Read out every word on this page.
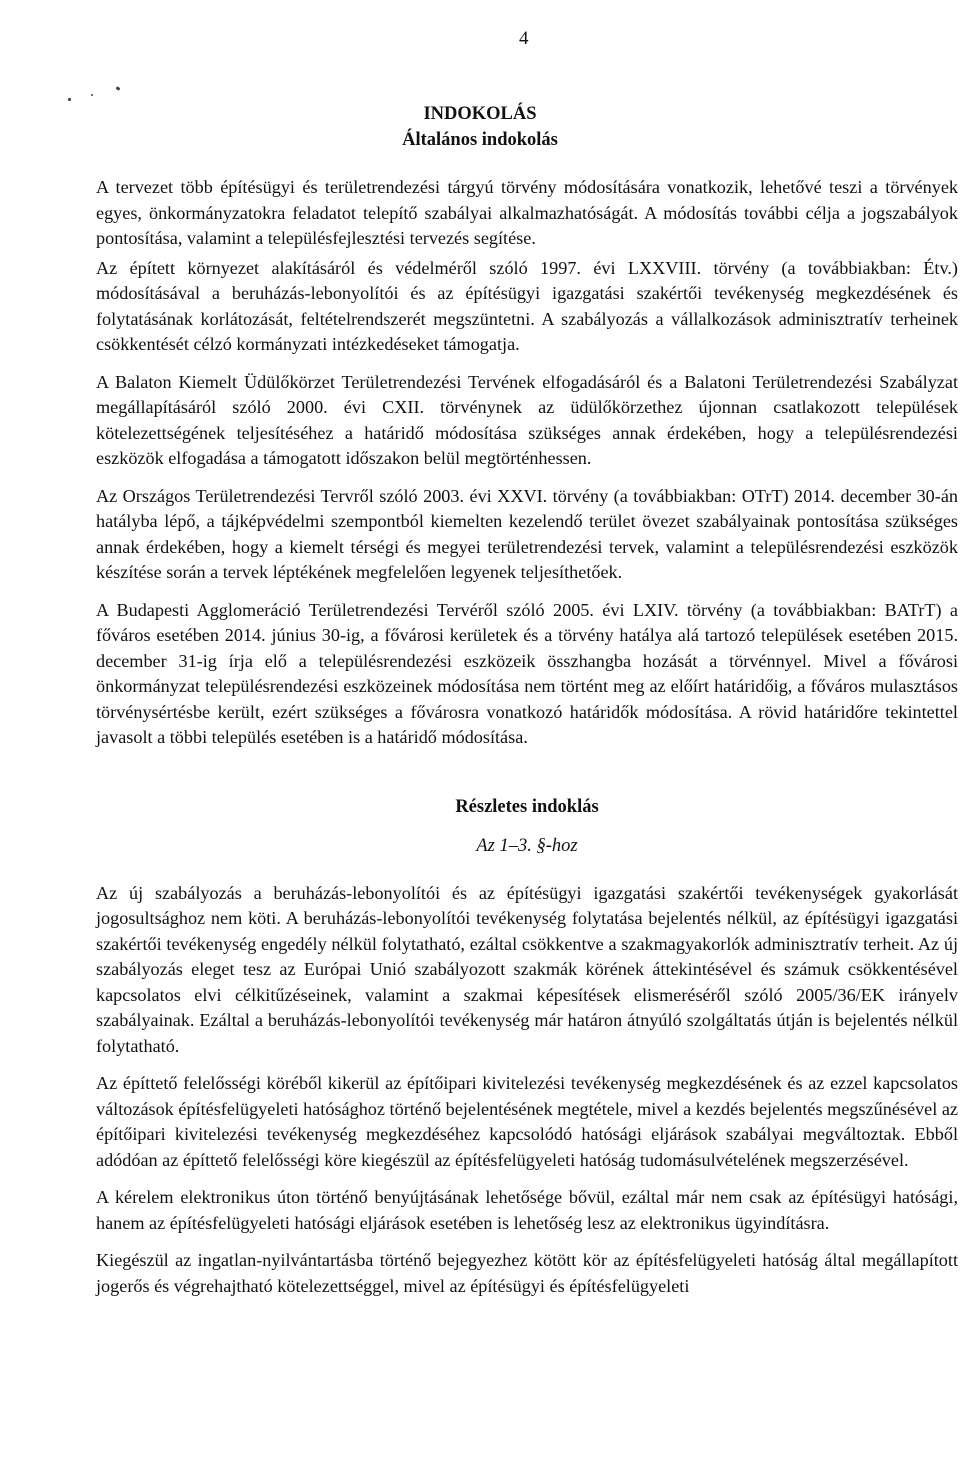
4
INDOKOLÁS
Általános indokolás

A tervezet több építésügyi és területrendezési tárgyú törvény módosítására vonatkozik, lehetővé teszi a törvények egyes, önkormányzatokra feladatot telepítő szabályai alkalmazhatóságát. A módosítás további célja a jogszabályok pontosítása, valamint a településfejlesztési tervezés segítése.

Az épített környezet alakításáról és védelméről szóló 1997. évi LXXVIII. törvény (a továbbiakban: Étv.) módosításával a beruházás-lebonyolítói és az építésügyi igazgatási szakértői tevékenység megkezdésének és folytatásának korlátozását, feltételrendszerét megszüntetni. A szabályozás a vállalkozások adminisztratív terheinek csökkentését célzó kormányzati intézkedéseket támogatja.

A Balaton Kiemelt Üdülőkörzet Területrendezési Tervének elfogadásáról és a Balatoni Területrendezési Szabályzat megállapításáról szóló 2000. évi CXII. törvénynek az üdülőkörzethez újonnan csatlakozott települések kötelezettségének teljesítéséhez a határidő módosítása szükséges annak érdekében, hogy a településrendezési eszközök elfogadása a támogatott időszakon belül megtörténhessen.

Az Országos Területrendezési Tervről szóló 2003. évi XXVI. törvény (a továbbiakban: OTrT) 2014. december 30-án hatályba lépő, a tájképvédelmi szempontból kiemelten kezelendő terület övezet szabályainak pontosítása szükséges annak érdekében, hogy a kiemelt térségi és megyei területrendezési tervek, valamint a településrendezési eszközök készítése során a tervek léptékének megfelelően legyenek teljesíthetőek.

A Budapesti Agglomeráció Területrendezési Tervéről szóló 2005. évi LXIV. törvény (a továbbiakban: BATrT) a főváros esetében 2014. június 30-ig, a fővárosi kerületek és a törvény hatálya alá tartozó települések esetében 2015. december 31-ig írja elő a településrendezési eszközeik összhangba hozását a törvénnyel. Mivel a fővárosi önkormányzat településrendezési eszközeinek módosítása nem történt meg az előírt határidőig, a főváros mulasztásos törvénysértésbe került, ezért szükséges a fővárosra vonatkozó határidők módosítása. A rövid határidőre tekintettel javasolt a többi település esetében is a határidő módosítása.

Részletes indoklás
Az 1–3. §-hoz

Az új szabályozás a beruházás-lebonyolítói és az építésügyi igazgatási szakértői tevékenységek gyakorlását jogosultsághoz nem köti. A beruházás-lebonyolítói tevékenység folytatása bejelentés nélkül, az építésügyi igazgatási szakértői tevékenység engedély nélkül folytatható, ezáltal csökkentve a szakmagyakorlók adminisztratív terheit. Az új szabályozás eleget tesz az Európai Unió szabályozott szakmák körének áttekintésével és számuk csökkentésével kapcsolatos elvi célkitűzéseinek, valamint a szakmai képesítések elismeréséről szóló 2005/36/EK irányelv szabályainak. Ezáltal a beruházás-lebonyolítói tevékenység már határon átnyúló szolgáltatás útján is bejelentés nélkül folytatható.

Az építtető felelősségi köréből kikerül az építőipari kivitelezési tevékenység megkezdésének és az ezzel kapcsolatos változások építésfelügyeleti hatósághoz történő bejelentésének megtétele, mivel a kezdés bejelentés megszűnésével az építőipari kivitelezési tevékenység megkezdéséhez kapcsolódó hatósági eljárások szabályai megváltoztak. Ebből adódóan az építtető felelősségi köre kiegészül az építésfelügyeleti hatóság tudomásulvételének megszerzésével.

A kérelem elektronikus úton történő benyújtásának lehetősége bővül, ezáltal már nem csak az építésügyi hatósági, hanem az építésfelügyeleti hatósági eljárások esetében is lehetőség lesz az elektronikus ügyindításra.

Kiegészül az ingatlan-nyilvántartásba történő bejegyezhez kötött kör az építésfelügyeleti hatóság által megállapított jogerős és végrehajtható kötelezettséggel, mivel az építésügyi és építésfelügyeleti
